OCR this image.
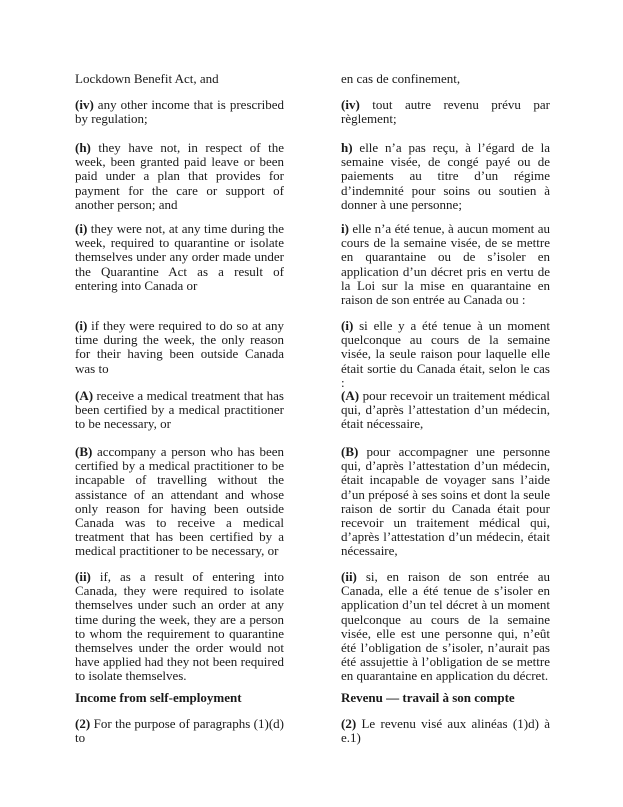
Lockdown Benefit Act, and	en cas de confinement,
(iv) any other income that is prescribed by regulation;
(iv) tout autre revenu prévu par règlement;
(h) they have not, in respect of the week, been granted paid leave or been paid under a plan that provides for payment for the care or support of another person; and
h) elle n’a pas reçu, à l’égard de la semaine visée, de congé payé ou de paiements au titre d’un régime d’indemnité pour soins ou soutien à donner à une personne;
(i) they were not, at any time during the week, required to quarantine or isolate themselves under any order made under the Quarantine Act as a result of entering into Canada or
i) elle n’a été tenue, à aucun moment au cours de la semaine visée, de se mettre en quarantaine ou de s’isoler en application d’un décret pris en vertu de la Loi sur la mise en quarantaine en raison de son entrée au Canada ou :
(i) if they were required to do so at any time during the week, the only reason for their having been outside Canada was to
(i) si elle y a été tenue à un moment quelconque au cours de la semaine visée, la seule raison pour laquelle elle était sortie du Canada était, selon le cas :
(A) receive a medical treatment that has been certified by a medical practitioner to be necessary, or
(A) pour recevoir un traitement médical qui, d’après l’attestation d’un médecin, était nécessaire,
(B) accompany a person who has been certified by a medical practitioner to be incapable of travelling without the assistance of an attendant and whose only reason for having been outside Canada was to receive a medical treatment that has been certified by a medical practitioner to be necessary, or
(B) pour accompagner une personne qui, d’après l’attestation d’un médecin, était incapable de voyager sans l’aide d’un préposé à ses soins et dont la seule raison de sortir du Canada était pour recevoir un traitement médical qui, d’après l’attestation d’un médecin, était nécessaire,
(ii) if, as a result of entering into Canada, they were required to isolate themselves under such an order at any time during the week, they are a person to whom the requirement to quarantine themselves under the order would not have applied had they not been required to isolate themselves.
(ii) si, en raison de son entrée au Canada, elle a été tenue de s’isoler en application d’un tel décret à un moment quelconque au cours de la semaine visée, elle est une personne qui, n’eût été l’obligation de s’isoler, n’aurait pas été assujettie à l’obligation de se mettre en quarantaine en application du décret.
Income from self-employment	Revenu — travail à son compte
(2) For the purpose of paragraphs (1)(d) to
(2) Le revenu visé aux alinéas (1)d) à e.1)
